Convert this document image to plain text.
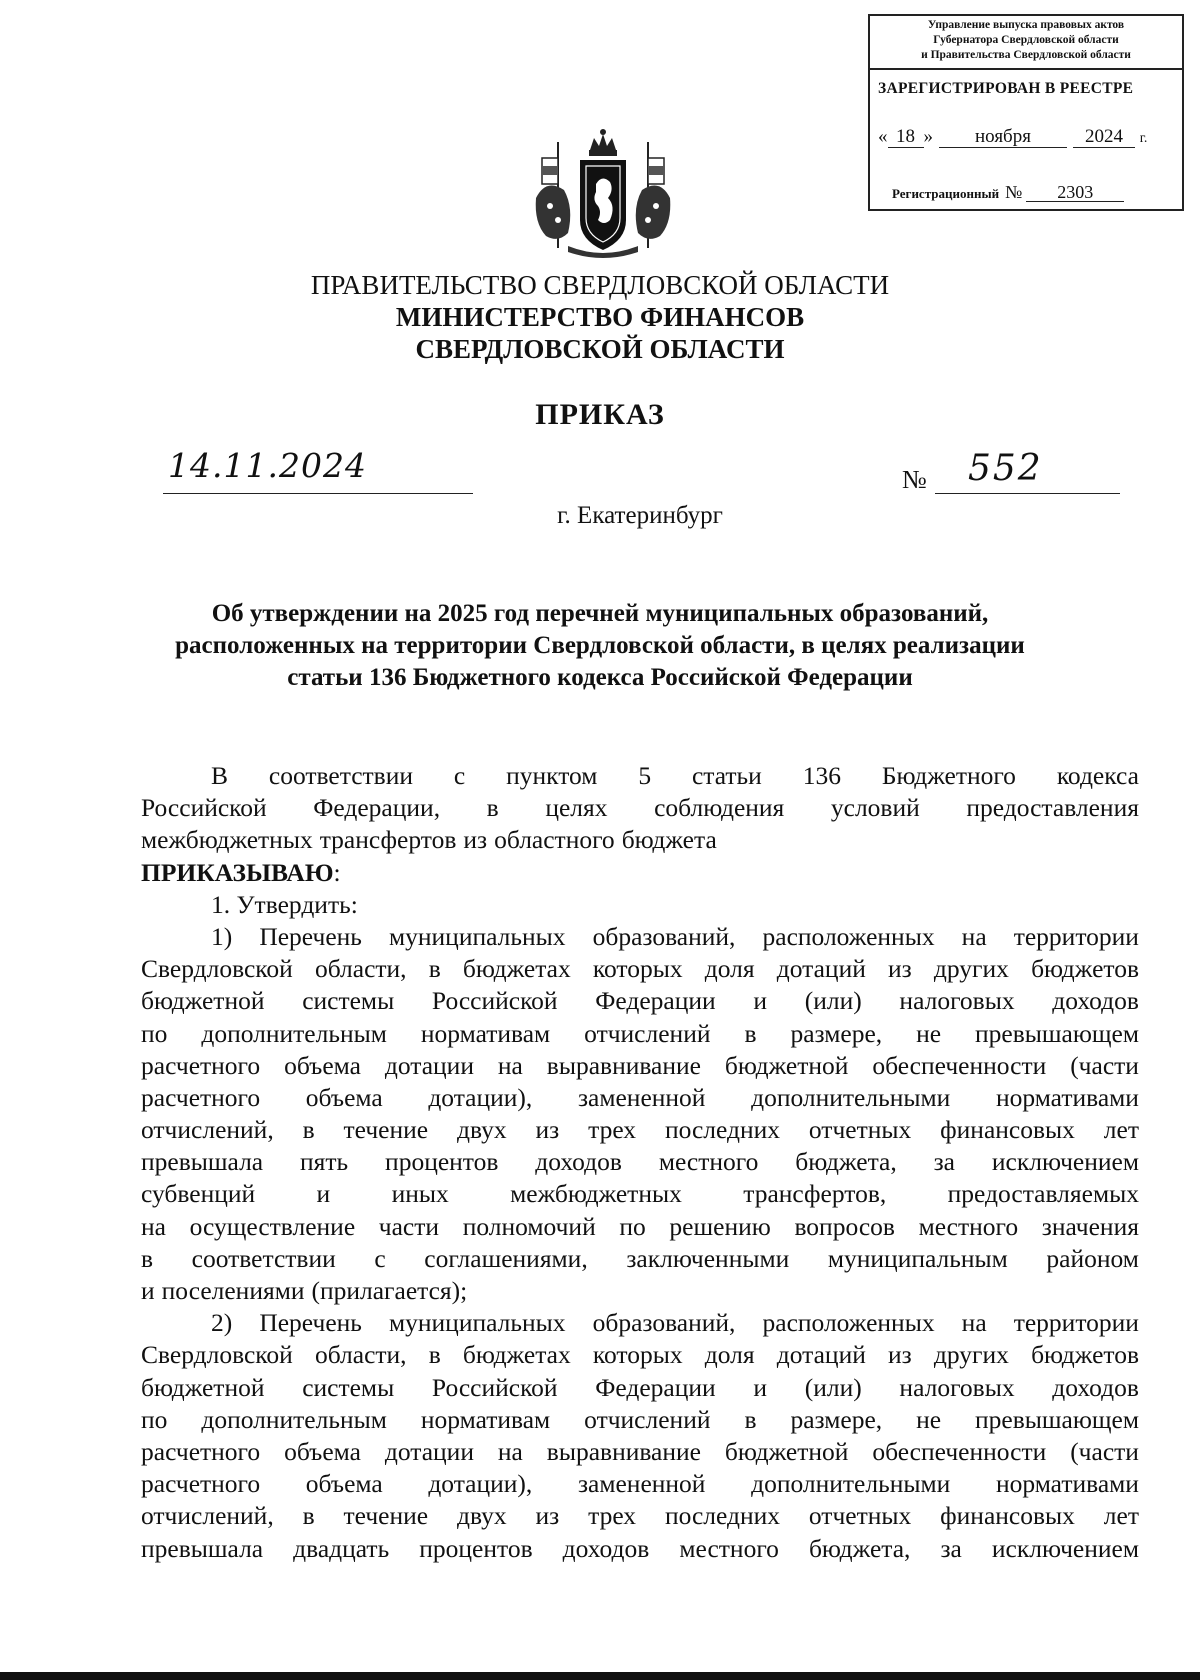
Управление выпуска правовых актов
Губернатора Свердловской области
и Правительства Свердловской области
ЗАРЕГИСТРИРОВАН В РЕЕСТРЕ
« 18 » ноября	2024 г.
Регистрационный № 2303
ПРАВИТЕЛЬСТВО СВЕРДЛОВСКОЙ ОБЛАСТИ
МИНИСТЕРСТВО ФИНАНСОВ
СВЕРДЛОВСКОЙ ОБЛАСТИ
ПРИКАЗ
14.11.2024	№ 552
г. Екатеринбург
Об утверждении на 2025 год перечней муниципальных образований,
расположенных на территории Свердловской области, в целях реализации
статьи 136 Бюджетного кодекса Российской Федерации
В соответствии с пунктом 5 статьи 136 Бюджетного кодекса
Российской Федерации, в целях соблюдения условий предоставления
межбюджетных трансфертов из областного бюджета
ПРИКАЗЫВАЮ:
1. Утвердить:
1) Перечень муниципальных образований, расположенных на территории
Свердловской области, в бюджетах которых доля дотаций из других бюджетов
бюджетной системы Российской Федерации и (или) налоговых доходов
по дополнительным нормативам отчислений в размере, не превышающем
расчетного объема дотации на выравнивание бюджетной обеспеченности (части
расчетного объема дотации), замененной дополнительными нормативами
отчислений, в течение двух из трех последних отчетных финансовых лет
превышала пять процентов доходов местного бюджета, за исключением
субвенций и иных межбюджетных трансфертов, предоставляемых
на осуществление части полномочий по решению вопросов местного значения
в соответствии с соглашениями, заключенными муниципальным районом
и поселениями (прилагается);
2) Перечень муниципальных образований, расположенных на территории
Свердловской области, в бюджетах которых доля дотаций из других бюджетов
бюджетной системы Российской Федерации и (или) налоговых доходов
по дополнительным нормативам отчислений в размере, не превышающем
расчетного объема дотации на выравнивание бюджетной обеспеченности (части
расчетного объема дотации), замененной дополнительными нормативами
отчислений, в течение двух из трех последних отчетных финансовых лет
превышала двадцать процентов доходов местного бюджета, за исключением
